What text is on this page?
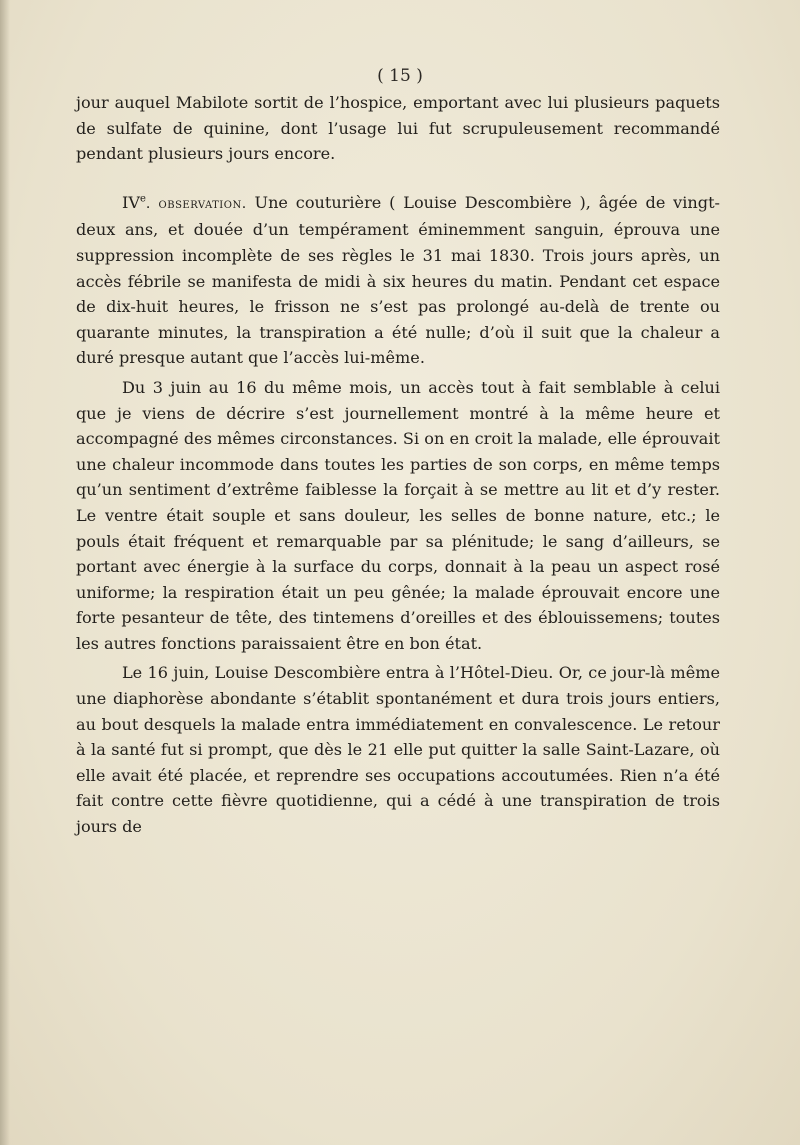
( 15 )

jour auquel Mabilote sortit de l’hospice, emportant avec lui plusieurs paquets de sulfate de quinine, dont l’usage lui fut scrupuleusement recommandé pendant plusieurs jours encore.

IVe. observation. Une couturière ( Louise Descombière ), âgée de vingt-deux ans, et douée d’un tempérament éminemment sanguin, éprouva une suppression incomplète de ses règles le 31 mai 1830. Trois jours après, un accès fébrile se manifesta de midi à six heures du matin. Pendant cet espace de dix-huit heures, le frisson ne s’est pas prolongé au-delà de trente ou quarante minutes, la transpiration a été nulle; d’où il suit que la chaleur a duré presque autant que l’accès lui-même.

Du 3 juin au 16 du même mois, un accès tout à fait semblable à celui que je viens de décrire s’est journellement montré à la même heure et accompagné des mêmes circonstances. Si on en croit la malade, elle éprouvait une chaleur incommode dans toutes les parties de son corps, en même temps qu’un sentiment d’extrême faiblesse la forçait à se mettre au lit et d’y rester. Le ventre était souple et sans douleur, les selles de bonne nature, etc.; le pouls était fréquent et remarquable par sa plénitude; le sang d’ailleurs, se portant avec énergie à la surface du corps, donnait à la peau un aspect rosé uniforme; la respiration était un peu gênée; la malade éprouvait encore une forte pesanteur de tête, des tintemens d’oreilles et des éblouissemens; toutes les autres fonctions paraissaient être en bon état.

Le 16 juin, Louise Descombière entra à l’Hôtel-Dieu. Or, ce jour-là même une diaphorèse abondante s’établit spontanément et dura trois jours entiers, au bout desquels la malade entra immédiatement en convalescence. Le retour à la santé fut si prompt, que dès le 21 elle put quitter la salle Saint-Lazare, où elle avait été placée, et reprendre ses occupations accoutumées. Rien n’a été fait contre cette fièvre quotidienne, qui a cédé à une transpiration de trois jours de
